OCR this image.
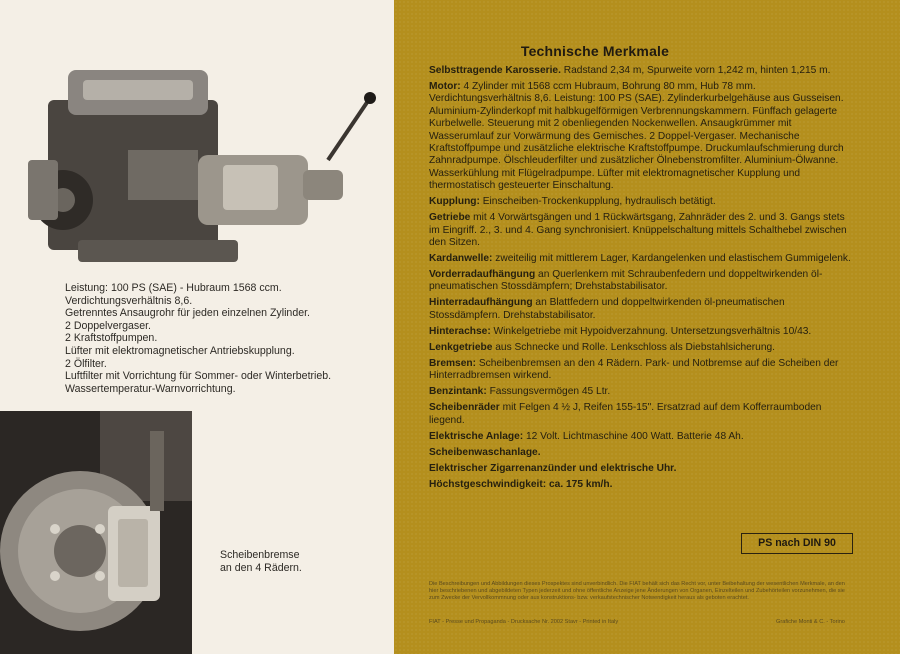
Leistung: 100 PS (SAE) - Hubraum 1568 ccm.
Verdichtungsverhältnis 8,6.
Getrenntes Ansaugrohr für jeden einzelnen Zylinder.
2 Doppelvergaser.
2 Kraftstoffpumpen.
Lüfter mit elektromagnetischer Antriebskupplung.
2 Ölfilter.
Luftfilter mit Vorrichtung für Sommer- oder Winterbetrieb.
Wassertemperatur-Warnvorrichtung.
Scheibenbremse
an den 4 Rädern.
Technische Merkmale
Selbsttragende Karosserie. Radstand 2,34 m, Spurweite vorn 1,242 m, hinten 1,215 m.
Motor: 4 Zylinder mit 1568 ccm Hubraum, Bohrung 80 mm, Hub 78 mm. Verdichtungsverhältnis 8,6. Leistung: 100 PS (SAE). Zylinderkurbelgehäuse aus Gusseisen. Aluminium-Zylinderkopf mit halbkugelförmigen Verbrennungskammern. Fünffach gelagerte Kurbelwelle. Steuerung mit 2 obenliegenden Nockenwellen. Ansaugkrümmer mit Wasserumlauf zur Vorwärmung des Gemisches. 2 Doppel-Vergaser. Mechanische Kraftstoffpumpe und zusätzliche elektrische Kraftstoffpumpe. Druckumlaufschmierung durch Zahnradpumpe. Ölschleuderfilter und zusätzlicher Ölnebenstromfilter. Aluminium-Ölwanne. Wasserkühlung mit Flügelradpumpe. Lüfter mit elektromagnetischer Kupplung und thermostatisch gesteuerter Einschaltung.
Kupplung: Einscheiben-Trockenkupplung, hydraulisch betätigt.
Getriebe mit 4 Vorwärtsgängen und 1 Rückwärtsgang, Zahnräder des 2. und 3. Gangs stets im Eingriff. 2., 3. und 4. Gang synchronisiert. Knüppelschaltung mittels Schalthebel zwischen den Sitzen.
Kardanwelle: zweiteilig mit mittlerem Lager, Kardangelenken und elastischem Gummigelenk.
Vorderradaufhängung an Querlenkern mit Schraubenfedern und doppeltwirkenden öl-pneumatischen Stossdämpfern; Drehstabstabilisator.
Hinterradaufhängung an Blattfedern und doppeltwirkenden öl-pneumatischen Stossdämpfern. Drehstabstabilisator.
Hinterachse: Winkelgetriebe mit Hypoidverzahnung. Untersetzungsverhältnis 10/43.
Lenkgetriebe aus Schnecke und Rolle. Lenkschloss als Diebstahlsicherung.
Bremsen: Scheibenbremsen an den 4 Rädern. Park- und Notbremse auf die Scheiben der Hinterradbremsen wirkend.
Benzintank: Fassungsvermögen 45 Ltr.
Scheibenräder mit Felgen 4 ½ J, Reifen 155-15". Ersatzrad auf dem Kofferraumboden liegend.
Elektrische Anlage: 12 Volt. Lichtmaschine 400 Watt. Batterie 48 Ah.
Scheibenwaschanlage.
Elektrischer Zigarrenanzünder und elektrische Uhr.
Höchstgeschwindigkeit: ca. 175 km/h.
PS nach DIN 90
Die Beschreibungen und Abbildungen dieses Prospektes sind unverbindlich. Die FIAT behält sich das Recht vor, unter Beibehaltung der wesentlichen Merkmale, an den hier beschriebenen und abgebildeten Typen jederzeit und ohne öffentliche Anzeige jene Änderungen von Organen, Einzelteilen und Zubehörteilen vorzunehmen, die sie zum Zwecke der Vervollkommnung oder aus konstruktions- bzw. verkaufstechnischer Notwendigkeit heraus als geboten erachtet.
FIAT - Presse und Propaganda - Drucksache Nr. 2002 Stavr - Printed in Italy	Grafiche Monti & C. - Torino
